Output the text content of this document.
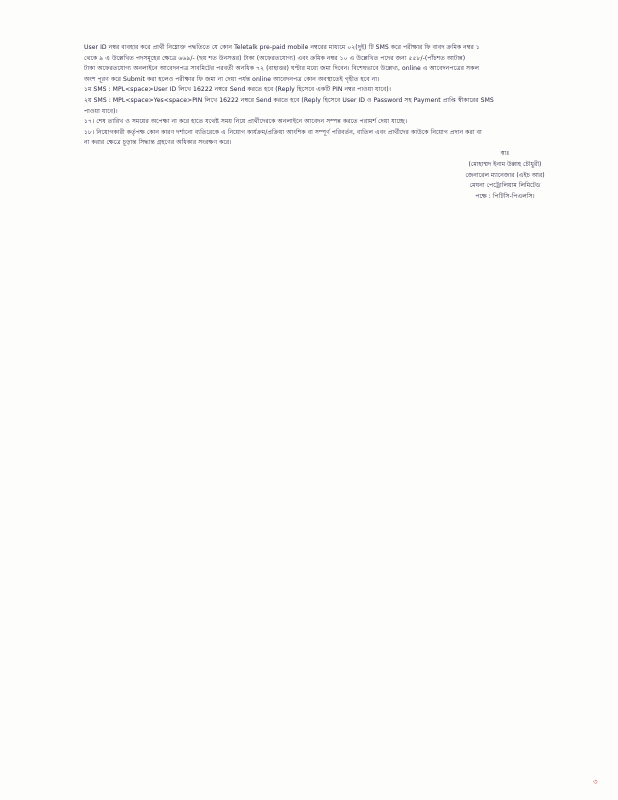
User ID নম্বর ব্যবহার করে প্রার্থী নিম্নোক্ত পদ্ধতিতে যে কোন Teletalk pre-paid mobile নম্বরের মাধ্যমে ০২(দুই) টি SMS করে পরীক্ষার ফি বাবদ ক্রমিক নম্বর ১
থেকে ৯ এ উল্লেখিত পদসমূহের ক্ষেত্রে ৬৬৯/- (ছয় শত উনসত্তর) টাকা (অফেরতযোগ্য) এবং ক্রমিক নম্বর ১০ এ উল্লেখিত পদের জন্য ৫৫৮/-(পাঁচশত আটান্ন)
টাকা অফেরতযোগ্য অনলাইনে আবেদনপত্র সাবমিটের পরবর্তী অনধিক ৭২ (বাহাত্তর) ঘণ্টার মধ্যে জমা দিবেন। বিশেষভাবে উল্লেখ্য, online এ আবেদনপত্রের সকল
অংশ পূরণ করে Submit করা হলেও পরীক্ষার ফি জমা না দেয়া পর্যন্ত online আবেদনপত্র কোন অবস্থাতেই গৃহীত হবে না।
১ম SMS : MPL<space>User ID লিখে 16222 নম্বরে Send করতে হবে (Reply হিসেবে একটি PIN নম্বর পাওয়া যাবে)।
২য় SMS : MPL<space>Yes<space>PIN লিখে 16222 নম্বরে Send করতে হবে (Reply হিসেবে User ID ও Password সহ Payment প্রাপ্তি স্বীকারের SMS
পাওয়া যাবে)।
১৭। শেষ তারিখ ও সময়ের অপেক্ষা না করে হাতে যথেষ্ট সময় নিয়ে প্রার্থীদেরকে অনলাইনে আবেদন সম্পন্ন করতে পরামর্শ দেয়া যাচ্ছে।
১৮। নিয়োগকারী কর্তৃপক্ষ কোন কারণ দর্শানো ব্যতিরেকে এ নিয়োগ কার্যক্রম/প্রক্রিয়া আংশিক বা সম্পূর্ণ পরিবর্তন, বাতিল এবং প্রার্থীদের কাউকে নিয়োগ প্রদান করা বা
না করার ক্ষেত্রে চূড়ান্ত সিদ্ধান্ত গ্রহণের অধিকার সংরক্ষণ করে।
স্বাঃ
(মোহাম্মদ ইনাম উল্লাহ চৌধুরী)
জেনারেল ম্যানেজার (এইচ আর)
মেঘনা পেট্রোলিয়াম লিমিটেড
পক্ষে : পিটিসি-পিএলসি।
৩
